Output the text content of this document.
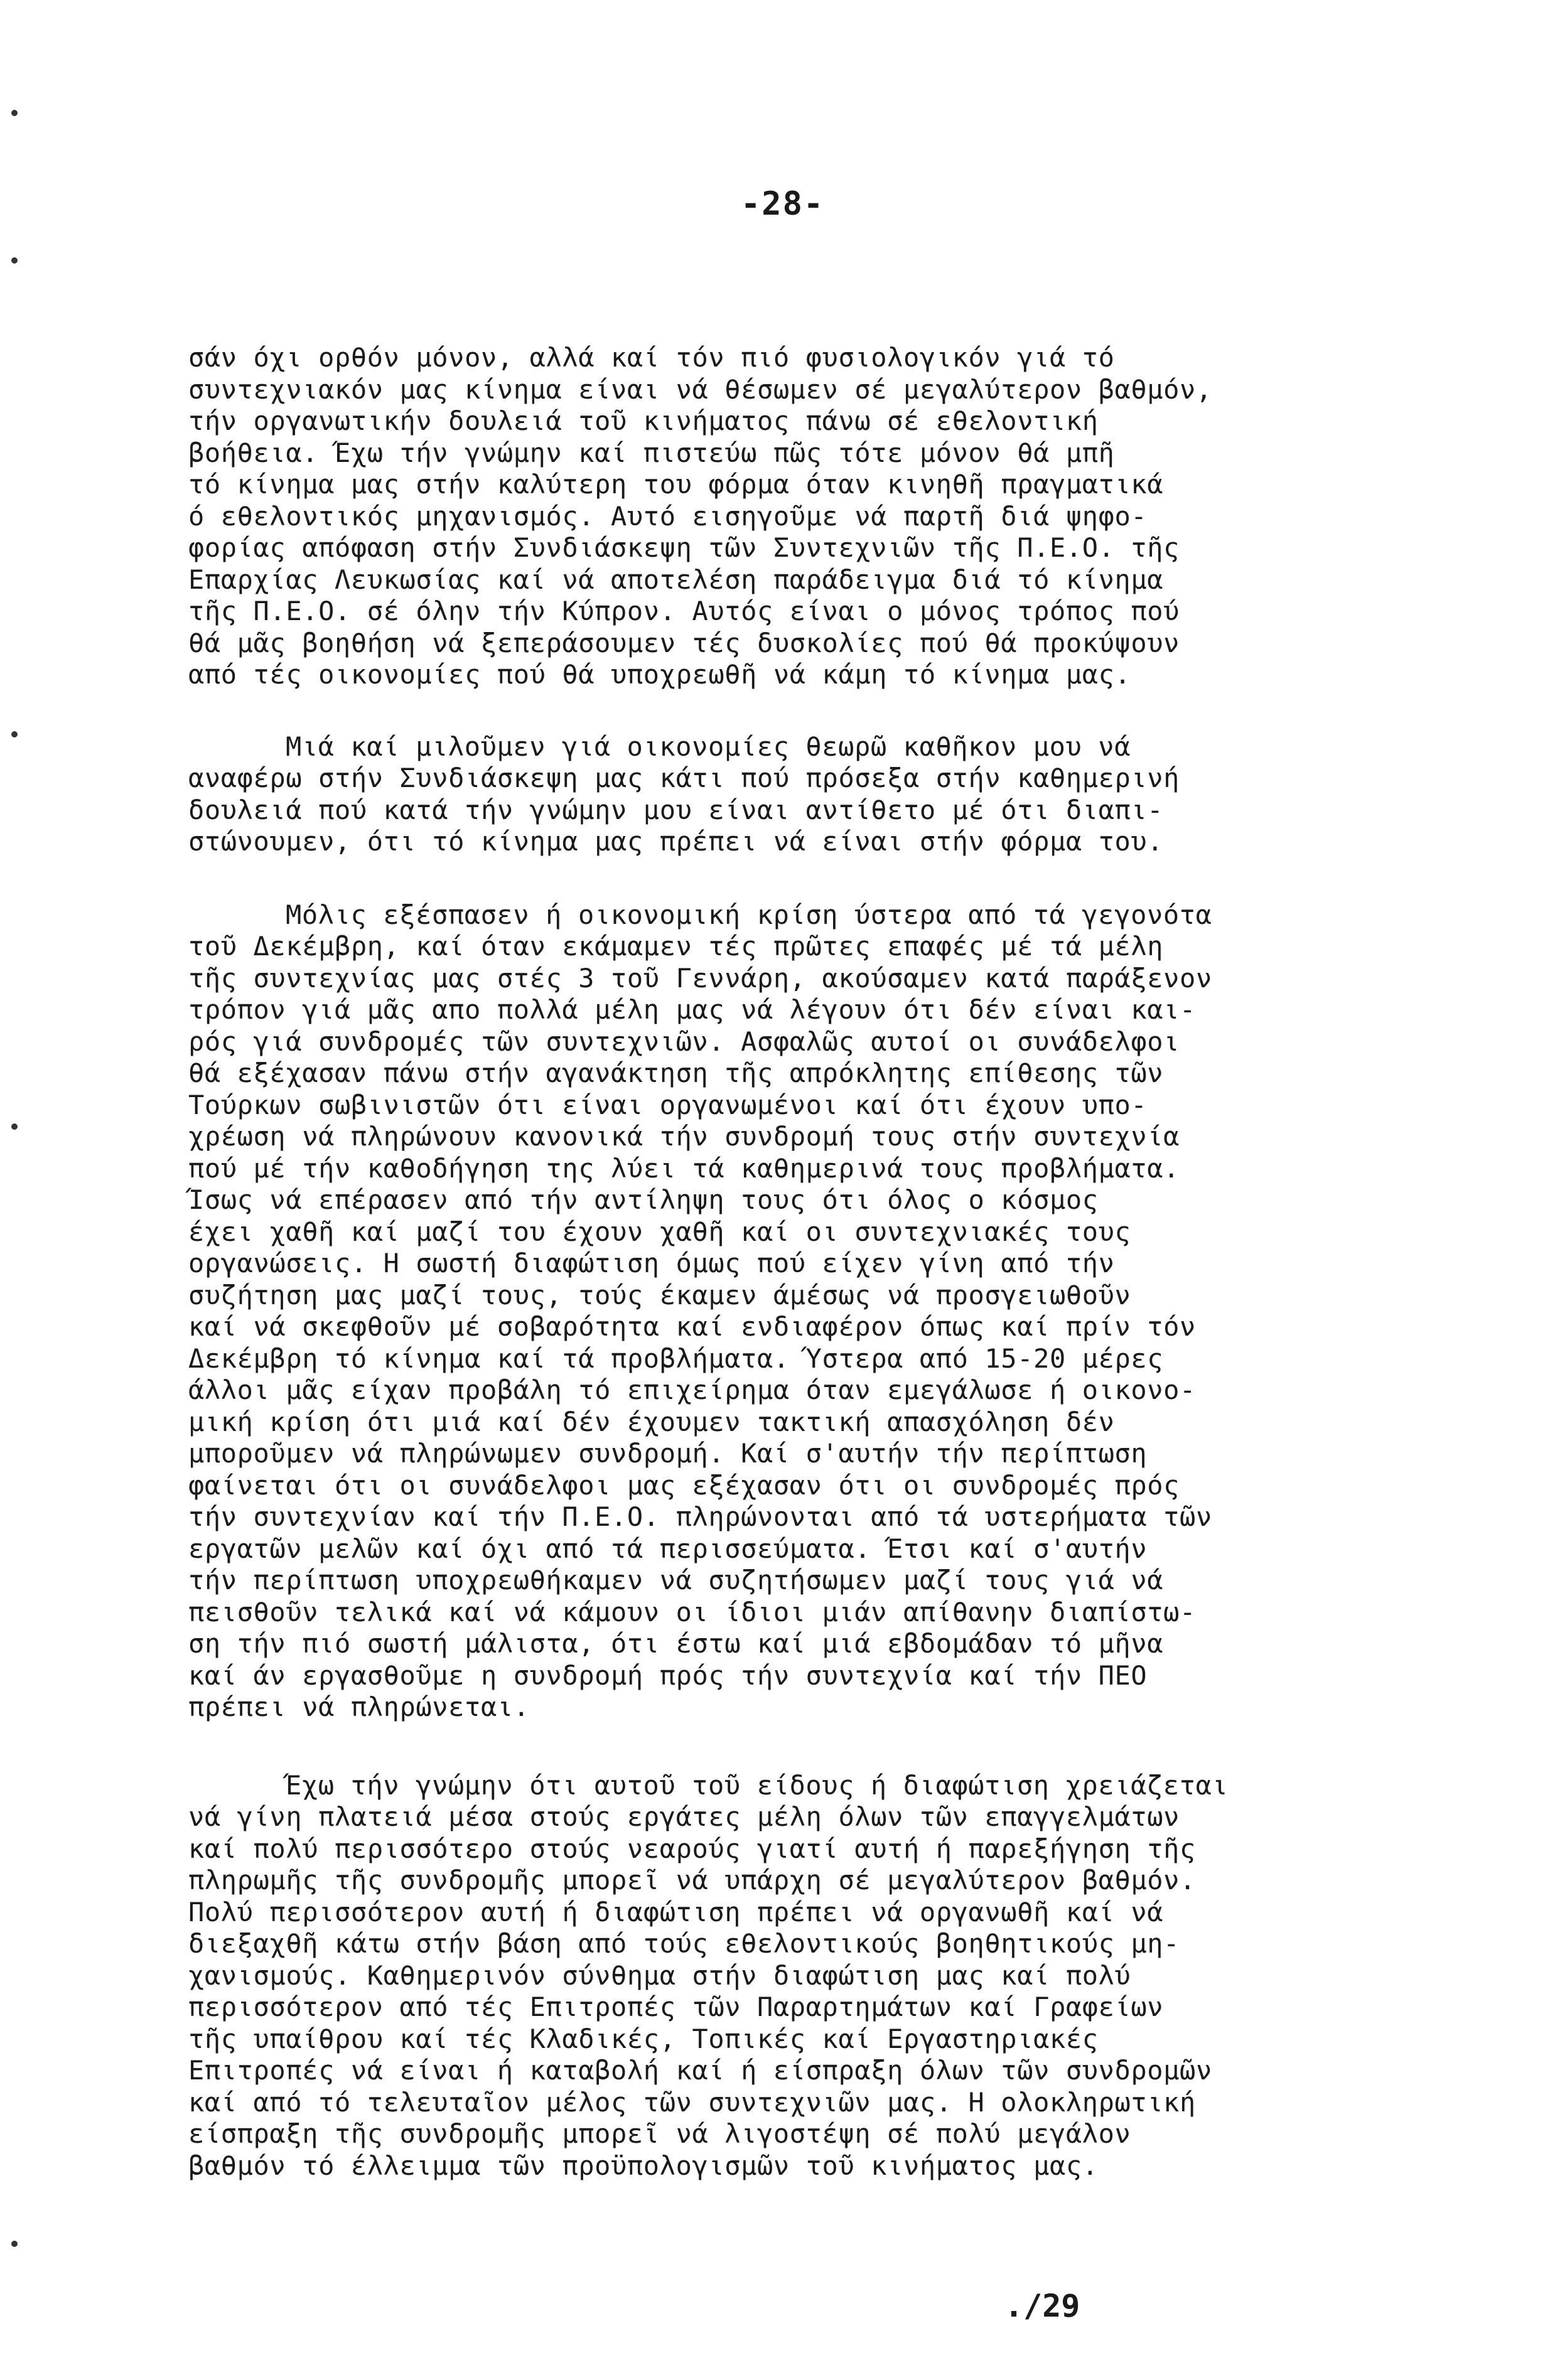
-28-
σάν όχι ορθόν μόνον, αλλά καί τόν πιό φυσιολογικόν γιά τό
συντεχνιακόν μας κίνημα είναι νά θέσωμεν σέ μεγαλύτερον βαθμόν,
τήν οργανωτικήν δουλειά τοῦ κινήματος πάνω σέ εθελοντική
βοήθεια. Έχω τήν γνώμην καί πιστεύω πῶς τότε μόνον θά μπῆ
τό κίνημα μας στήν καλύτερη του φόρμα όταν κινηθῆ πραγματικά
ό εθελοντικός μηχανισμός. Αυτό εισηγοῦμε νά παρτῆ διά ψηφο-
φορίας απόφαση στήν Συνδιάσκεψη τῶν Συντεχνιῶν τῆς Π.Ε.Ο. τῆς
Επαρχίας Λευκωσίας καί νά αποτελέση παράδειγμα διά τό κίνημα
τῆς Π.Ε.Ο. σέ όλην τήν Κύπρον. Αυτός είναι ο μόνος τρόπος πού
θά μᾶς βοηθήση νά ξεπεράσουμεν τές δυσκολίες πού θά προκύψουν
από τές οικονομίες πού θά υποχρεωθῆ νά κάμη τό κίνημα μας.
Μιά καί μιλοῦμεν γιά οικονομίες θεωρῶ καθῆκον μου νά
αναφέρω στήν Συνδιάσκεψη μας κάτι πού πρόσεξα στήν καθημερινή
δουλειά πού κατά τήν γνώμην μου είναι αντίθετο μέ ότι διαπι-
στώνουμεν, ότι τό κίνημα μας πρέπει νά είναι στήν φόρμα του.
Μόλις εξέσπασεν ή οικονομική κρίση ύστερα από τά γεγονότα
τοῦ Δεκέμβρη, καί όταν εκάμαμεν τές πρῶτες επαφές μέ τά μέλη
τῆς συντεχνίας μας στές 3 τοῦ Γεννάρη, ακούσαμεν κατά παράξενον
τρόπον γιά μᾶς απο πολλά μέλη μας νά λέγουν ότι δέν είναι και-
ρός γιά συνδρομές τῶν συντεχνιῶν. Ασφαλῶς αυτοί οι συνάδελφοι
θά εξέχασαν πάνω στήν αγανάκτηση τῆς απρόκλητης επίθεσης τῶν
Τούρκων σωβινιστῶν ότι είναι οργανωμένοι καί ότι έχουν υπο-
χρέωση νά πληρώνουν κανονικά τήν συνδρομή τους στήν συντεχνία
πού μέ τήν καθοδήγηση της λύει τά καθημερινά τους προβλήματα.
Ίσως νά επέρασεν από τήν αντίληψη τους ότι όλος ο κόσμος
έχει χαθῆ καί μαζί του έχουν χαθῆ καί οι συντεχνιακές τους
οργανώσεις. Η σωστή διαφώτιση όμως πού είχεν γίνη από τήν
συζήτηση μας μαζί τους, τούς έκαμεν άμέσως νά προσγειωθοῦν
καί νά σκεφθοῦν μέ σοβαρότητα καί ενδιαφέρον όπως καί πρίν τόν
Δεκέμβρη τό κίνημα καί τά προβλήματα. Ύστερα από 15-20 μέρες
άλλοι μᾶς είχαν προβάλη τό επιχείρημα όταν εμεγάλωσε ή οικονο-
μική κρίση ότι μιά καί δέν έχουμεν τακτική απασχόληση δέν
μποροῦμεν νά πληρώνωμεν συνδρομή. Καί σ'αυτήν τήν περίπτωση
φαίνεται ότι οι συνάδελφοι μας εξέχασαν ότι οι συνδρομές πρός
τήν συντεχνίαν καί τήν Π.Ε.Ο. πληρώνονται από τά υστερήματα τῶν
εργατῶν μελῶν καί όχι από τά περισσεύματα. Έτσι καί σ'αυτήν
τήν περίπτωση υποχρεωθήκαμεν νά συζητήσωμεν μαζί τους γιά νά
πεισθοῦν τελικά καί νά κάμουν οι ίδιοι μιάν απίθανην διαπίστω-
ση τήν πιό σωστή μάλιστα, ότι έστω καί μιά εβδομάδαν τό μῆνα
καί άν εργασθοῦμε η συνδρομή πρός τήν συντεχνία καί τήν ΠΕΟ
πρέπει νά πληρώνεται.
Έχω τήν γνώμην ότι αυτοῦ τοῦ είδους ή διαφώτιση χρειάζεται
νά γίνη πλατειά μέσα στούς εργάτες μέλη όλων τῶν επαγγελμάτων
καί πολύ περισσότερο στούς νεαρούς γιατί αυτή ή παρεξήγηση τῆς
πληρωμῆς τῆς συνδρομῆς μπορεῖ νά υπάρχη σέ μεγαλύτερον βαθμόν.
Πολύ περισσότερον αυτή ή διαφώτιση πρέπει νά οργανωθῆ καί νά
διεξαχθῆ κάτω στήν βάση από τούς εθελοντικούς βοηθητικούς μη-
χανισμούς. Καθημερινόν σύνθημα στήν διαφώτιση μας καί πολύ
περισσότερον από τές Επιτροπές τῶν Παραρτημάτων καί Γραφείων
τῆς υπαίθρου καί τές Κλαδικές, Τοπικές καί Εργαστηριακές
Επιτροπές νά είναι ή καταβολή καί ή είσπραξη όλων τῶν συνδρομῶν
καί από τό τελευταῖον μέλος τῶν συντεχνιῶν μας. Η ολοκληρωτική
είσπραξη τῆς συνδρομῆς μπορεῖ νά λιγοστέψη σέ πολύ μεγάλον
βαθμόν τό έλλειμμα τῶν προϋπολογισμῶν τοῦ κινήματος μας.
./29
